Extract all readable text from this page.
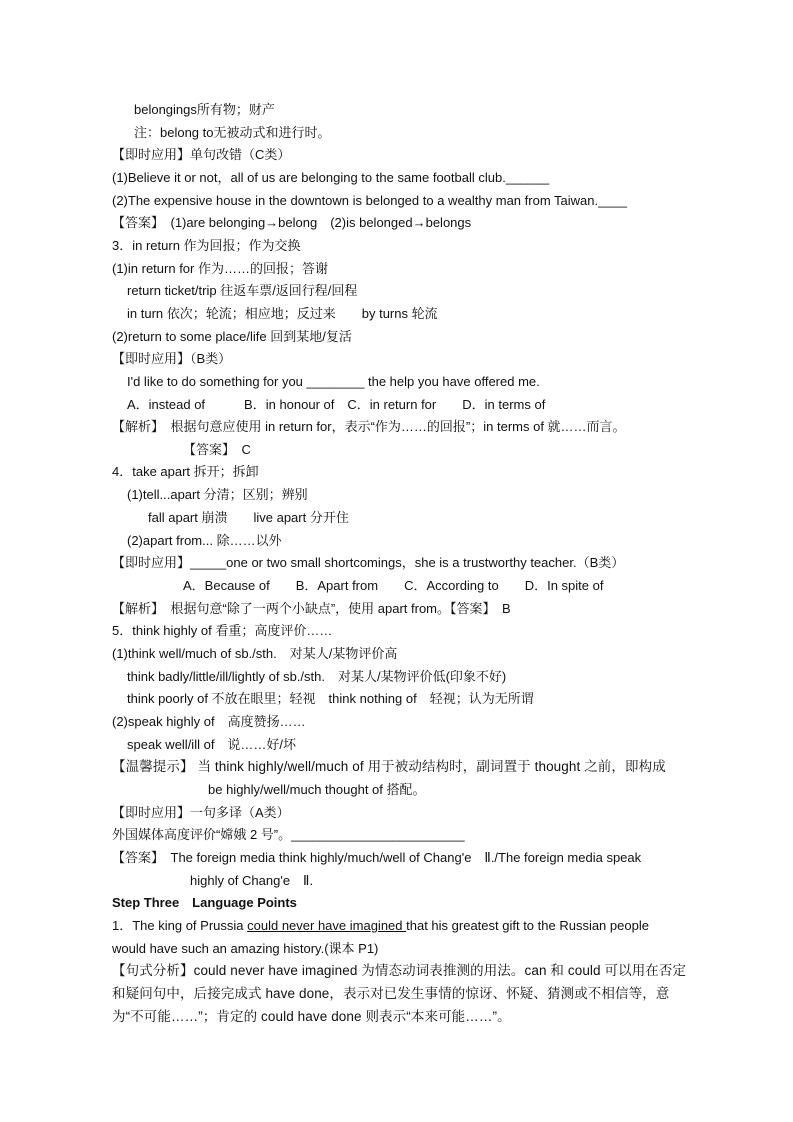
belongings所有物；财产
注：belong to无被动式和进行时。
【即时应用】单句改错（C类）
(1)Believe it or not，all of us are belonging to the same football club.______
(2)The expensive house in the downtown is belonged to a wealthy man from Taiwan.____
【答案】　(1)are belonging→belong　(2)is belonged→belongs
3．in return 作为回报；作为交换
(1)in return for 作为……的回报；答谢
return ticket/trip 往返车票/返回行程/回程
in turn 依次；轮流；相应地；反过来　　by turns 轮流
(2)return to some place/life 回到某地/复活
【即时应用】（B类）
I'd like to do something for you ________ the help you have offered me.
A．instead of　　　B．in honour of　C．in return for　　D．in terms of
【解析】　根据句意应使用 in return for，表示“作为……的回报”；in terms of 就……而言。
【答案】　C
4．take apart 拆开；拆卸
(1)tell...apart 分清；区别；辨别
fall apart 崩溃　　live apart 分开住
(2)apart from... 除……以外
【即时应用】_____one or two small shortcomings，she is a trustworthy teacher.（B类）
A．Because of　　B．Apart from　　C．According to　　D．In spite of
【解析】　根据句意“除了一两个小缺点”，使用 apart from。【答案】　B
5．think highly of 看重；高度评价……
(1)think well/much of sb./sth.　对某人/某物评价高
think badly/little/ill/lightly of sb./sth.　对某人/某物评价低(印象不好)
think poorly of 不放在眼里；轻视　think nothing of　轻视；认为无所谓
(2)speak highly of　高度赞扬……
speak well/ill of　说……好/坏
【温馨提示】 当 think highly/well/much of 用于被动结构时，副词置于 thought 之前，即构成
be highly/well/much thought of 搭配。
【即时应用】一句多译（A类）
外国媒体高度评价“嫦娥 2 号”。________________________
【答案】　The foreign media think highly/much/well of Chang'e　Ⅱ./The foreign media speak
highly of Chang'e　Ⅱ.
Step Three　Language Points
1．The king of Prussia could never have imagined that his greatest gift to the Russian people
would have such an amazing history.(课本 P1)
【句式分析】could never have imagined 为情态动词表推测的用法。can 和 could 可以用在否定
和疑问句中，后接完成式 have done，表示对已发生事情的惊讶、怀疑、猜测或不相信等，意
为“不可能……”；肯定的 could have done 则表示“本来可能……”。
